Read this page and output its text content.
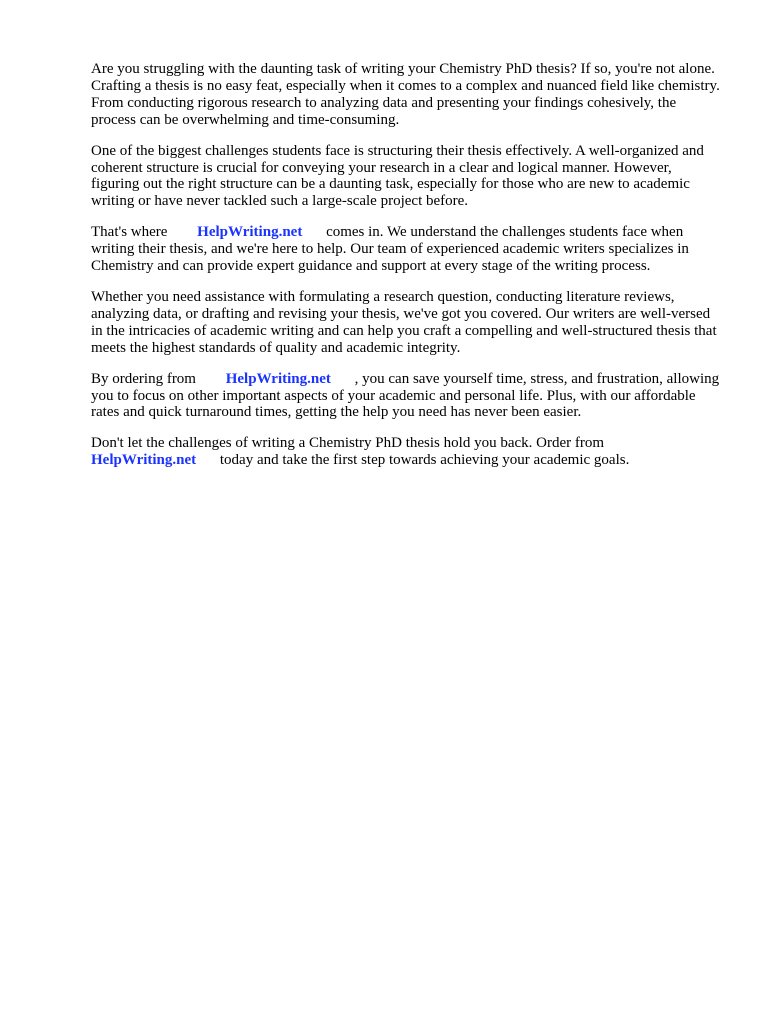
Are you struggling with the daunting task of writing your Chemistry PhD thesis? If so, you're not alone. Crafting a thesis is no easy feat, especially when it comes to a complex and nuanced field like chemistry. From conducting rigorous research to analyzing data and presenting your findings cohesively, the process can be overwhelming and time-consuming.

One of the biggest challenges students face is structuring their thesis effectively. A well-organized and coherent structure is crucial for conveying your research in a clear and logical manner. However, figuring out the right structure can be a daunting task, especially for those who are new to academic writing or have never tackled such a large-scale project before.

That's where HelpWriting.net comes in. We understand the challenges students face when writing their thesis, and we're here to help. Our team of experienced academic writers specializes in Chemistry and can provide expert guidance and support at every stage of the writing process.

Whether you need assistance with formulating a research question, conducting literature reviews, analyzing data, or drafting and revising your thesis, we've got you covered. Our writers are well-versed in the intricacies of academic writing and can help you craft a compelling and well-structured thesis that meets the highest standards of quality and academic integrity.

By ordering from HelpWriting.net , you can save yourself time, stress, and frustration, allowing you to focus on other important aspects of your academic and personal life. Plus, with our affordable rates and quick turnaround times, getting the help you need has never been easier.

Don't let the challenges of writing a Chemistry PhD thesis hold you back. Order from HelpWriting.net today and take the first step towards achieving your academic goals.
